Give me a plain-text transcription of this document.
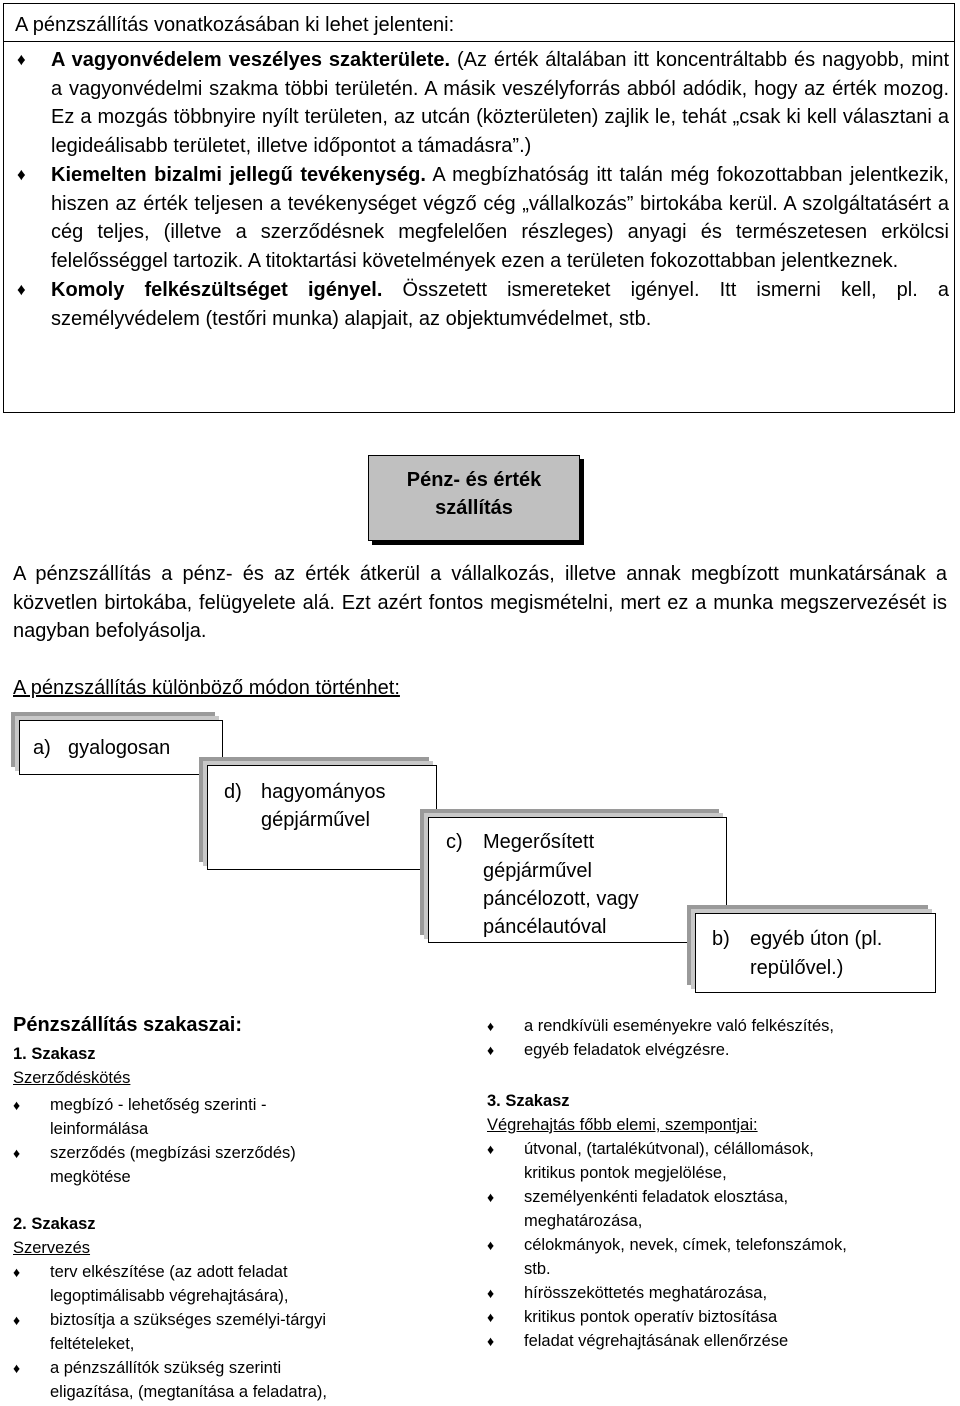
A pénzszállítás vonatkozásában ki lehet jelenteni:
♦ A vagyonvédelem veszélyes szakterülete. (Az érték általában itt koncentráltabb és nagyobb, mint a vagyonvédelmi szakma többi területén. A másik veszélyforrás abból adódik, hogy az érték mozog. Ez a mozgás többnyire nyílt területen, az utcán (közterületen) zajlik le, tehát „csak ki kell választani a legideálisabb területet, illetve időpontot a támadásra”.)
♦ Kiemelten bizalmi jellegű tevékenység. A megbízhatóság itt talán még fokozottabban jelentkezik, hiszen az érték teljesen a tevékenységet végző cég „vállalkozás” birtokába kerül. A szolgáltatásért a cég teljes, (illetve a szerződésnek megfelelően részleges) anyagi és természetesen erkölcsi felelősséggel tartozik. A titoktartási követelmények ezen a területen fokozottabban jelentkeznek.
♦ Komoly felkészültséget igényel. Összetett ismereteket igényel. Itt ismerni kell, pl. a személyvédelem (testőri munka) alapjait, az objektumvédelmet, stb.
Pénz- és érték
szállítás
A pénzszállítás a pénz- és az érték átkerül a vállalkozás, illetve annak megbízott munkatársának a közvetlen birtokába, felügyelete alá. Ezt azért fontos megismételni, mert ez a munka megszervezését is nagyban befolyásolja.
A pénzszállítás különböző módon történhet:
a) gyalogosan
d) hagyományos
gépjárművel
c) Megerősített
gépjárművel
páncélozott, vagy
páncélautóval
b) egyéb úton (pl.
repülővel.)
Pénzszállítás szakaszai:
1. Szakasz
Szerződéskötés
♦ megbízó - lehetőség szerinti -
leinformálása
♦ szerződés (megbízási szerződés)
megkötése
2. Szakasz
Szervezés
♦ terv elkészítése (az adott feladat
legoptimálisabb végrehajtására),
♦ biztosítja a szükséges személyi-tárgyi
feltételeket,
♦ a pénzszállítók szükség szerinti
eligazítása, (megtanítása a feladatra),
♦ a rendkívüli eseményekre való felkészítés,
♦ egyéb feladatok elvégzésre.
3. Szakasz
Végrehajtás főbb elemi, szempontjai:
♦ útvonal, (tartalékútvonal), célállomások,
kritikus pontok megjelölése,
♦ személyenkénti feladatok elosztása,
meghatározása,
♦ célokmányok, nevek, címek, telefonszámok,
stb.
♦ hírösszeköttetés meghatározása,
♦ kritikus pontok operatív biztosítása
♦ feladat végrehajtásának ellenőrzése
